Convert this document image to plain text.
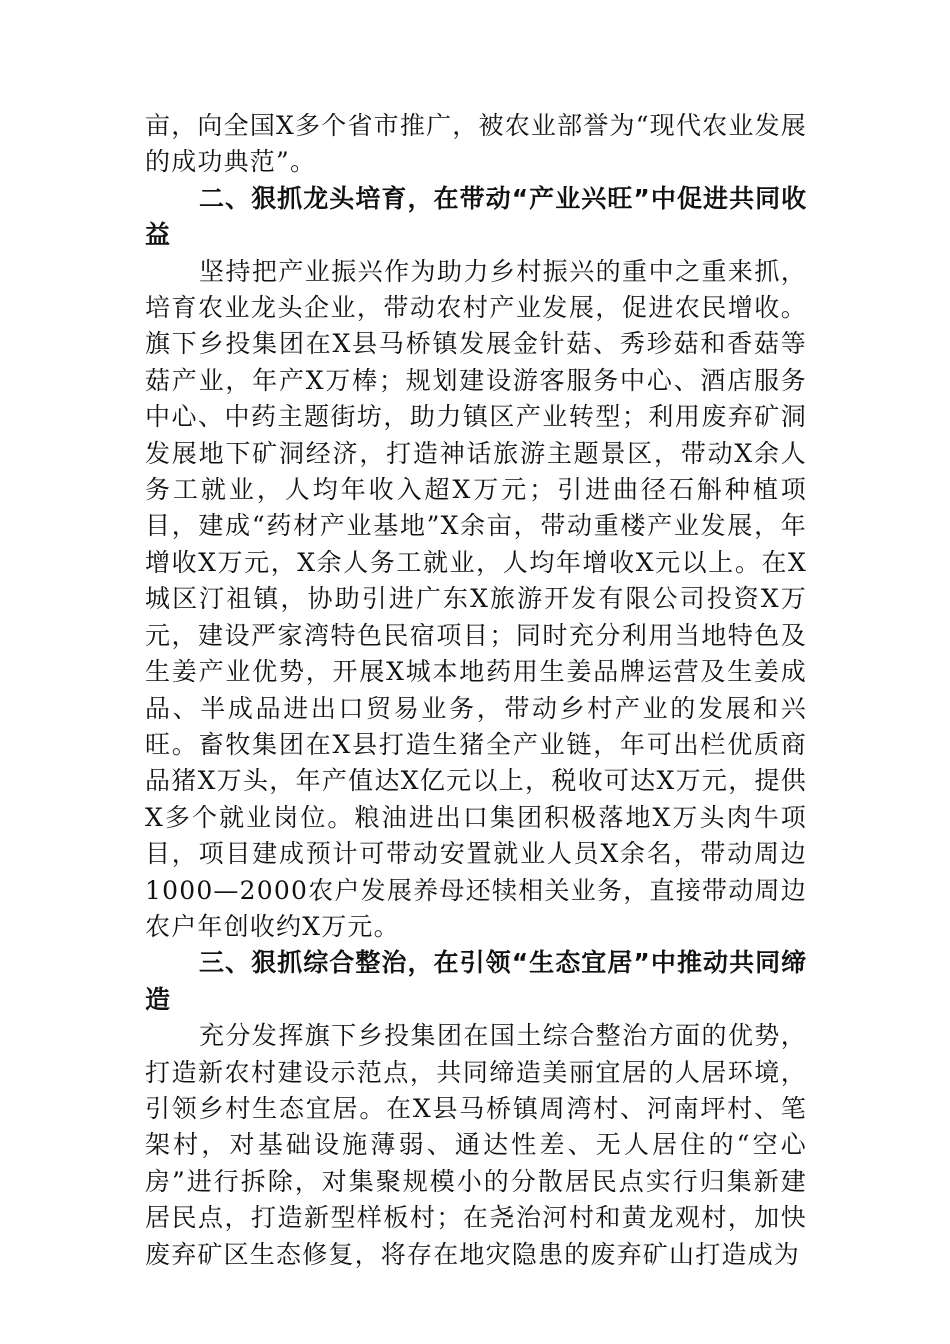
亩，向全国X多个省市推广，被农业部誉为“现代农业发展的成功典范”。

二、狠抓龙头培育，在带动“产业兴旺”中促进共同收益

坚持把产业振兴作为助力乡村振兴的重中之重来抓，培育农业龙头企业，带动农村产业发展，促进农民增收。旗下乡投集团在X县马桥镇发展金针菇、秀珍菇和香菇等菇产业，年产X万棒；规划建设游客服务中心、酒店服务中心、中药主题街坊，助力镇区产业转型；利用废弃矿洞发展地下矿洞经济，打造神话旅游主题景区，带动X余人务工就业，人均年收入超X万元；引进曲径石斛种植项目，建成“药材产业基地”X余亩，带动重楼产业发展，年增收X万元，X余人务工就业，人均年增收X元以上。在X城区汀祖镇，协助引进广东X旅游开发有限公司投资X万元，建设严家湾特色民宿项目；同时充分利用当地特色及生姜产业优势，开展X城本地药用生姜品牌运营及生姜成品、半成品进出口贸易业务，带动乡村产业的发展和兴旺。畜牧集团在X县打造生猪全产业链，年可出栏优质商品猪X万头，年产值达X亿元以上，税收可达X万元，提供X多个就业岗位。粮油进出口集团积极落地X万头肉牛项目，项目建成预计可带动安置就业人员X余名，带动周边1000—2000农户发展养母还犊相关业务，直接带动周边农户年创收约X万元。

三、狠抓综合整治，在引领“生态宜居”中推动共同缔造

充分发挥旗下乡投集团在国土综合整治方面的优势，打造新农村建设示范点，共同缔造美丽宜居的人居环境，引领乡村生态宜居。在X县马桥镇周湾村、河南坪村、笔架村，对基础设施薄弱、通达性差、无人居住的“空心房”进行拆除，对集聚规模小的分散居民点实行归集新建居民点，打造新型样板村；在尧治河村和黄龙观村，加快废弃矿区生态修复，将存在地灾隐患的废弃矿山打造成为
